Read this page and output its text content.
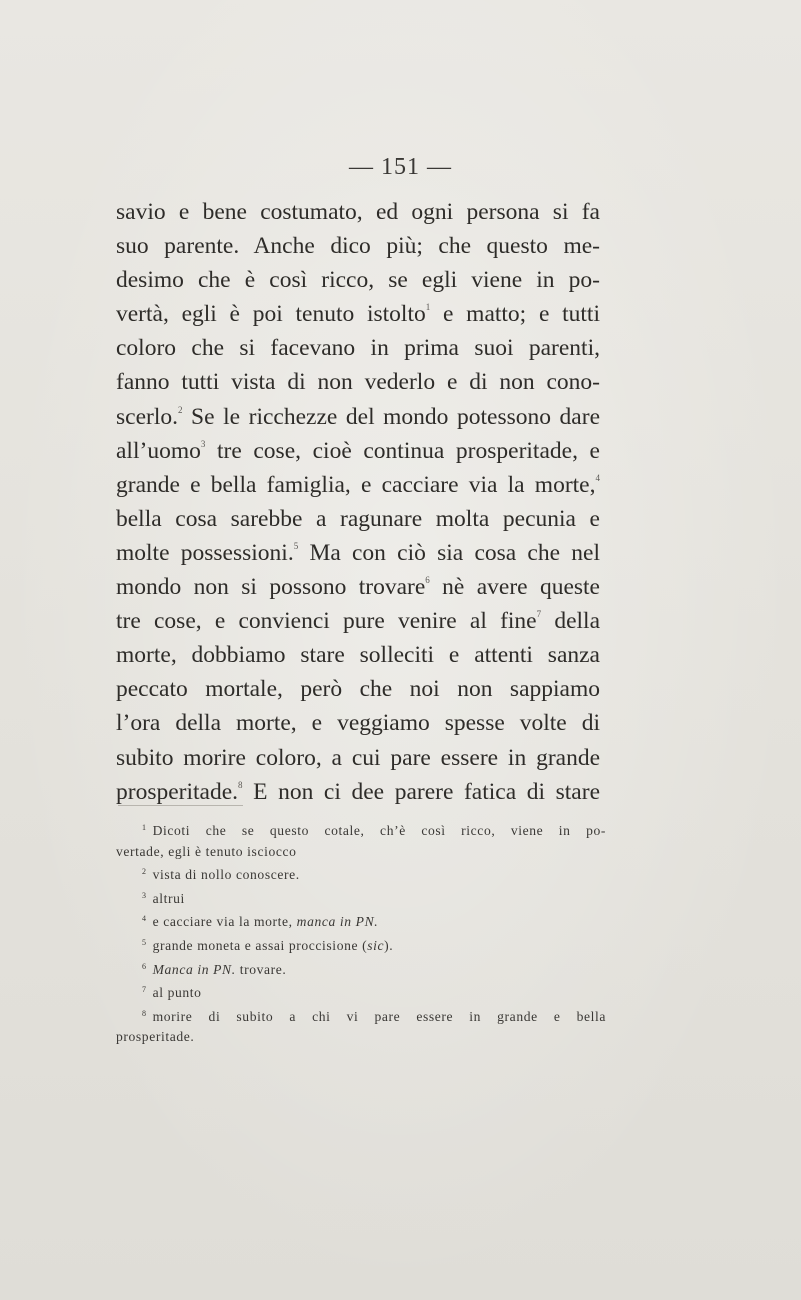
— 151 —
savio e bene costumato, ed ogni persona si fa
suo parente. Anche dico più; che questo me-
desimo che è così ricco, se egli viene in po-
vertà, egli è poi tenuto istolto$^1$ e matto; e tutti
coloro che si facevano in prima suoi parenti,
fanno tutti vista di non vederlo e di non cono-
scerlo.$^2$ Se le ricchezze del mondo potessono dare
all’uomo$^3$ tre cose, cioè continua prosperitade, e
grande e bella famiglia, e cacciare via la morte,$^4$
bella cosa sarebbe a ragunare molta pecunia e
molte possessioni.$^5$ Ma con ciò sia cosa che nel
mondo non si possono trovare$^6$ nè avere queste
tre cose, e convienci pure venire al fine$^7$ della
morte, dobbiamo stare solleciti e attenti sanza
peccato mortale, però che noi non sappiamo
l’ora della morte, e veggiamo spesse volte di
subito morire coloro, a cui pare essere in grande
prosperitade.$^8$ E non ci dee parere fatica di stare
$^1$ Dicoti che se questo cotale, ch’è così ricco, viene in po-
vertade, egli è tenuto iscioccо
$^2$ vista di nollo conoscere.
$^3$ altrui
$^4$ e cacciare via la morte, manca in PN.
$^5$ grande moneta e assai proccisione (sic).
$^6$ Manca in PN. trovare.
$^7$ al punto
$^8$ morire di subito a chi vi pare essere in grande e bella
prosperitade.
